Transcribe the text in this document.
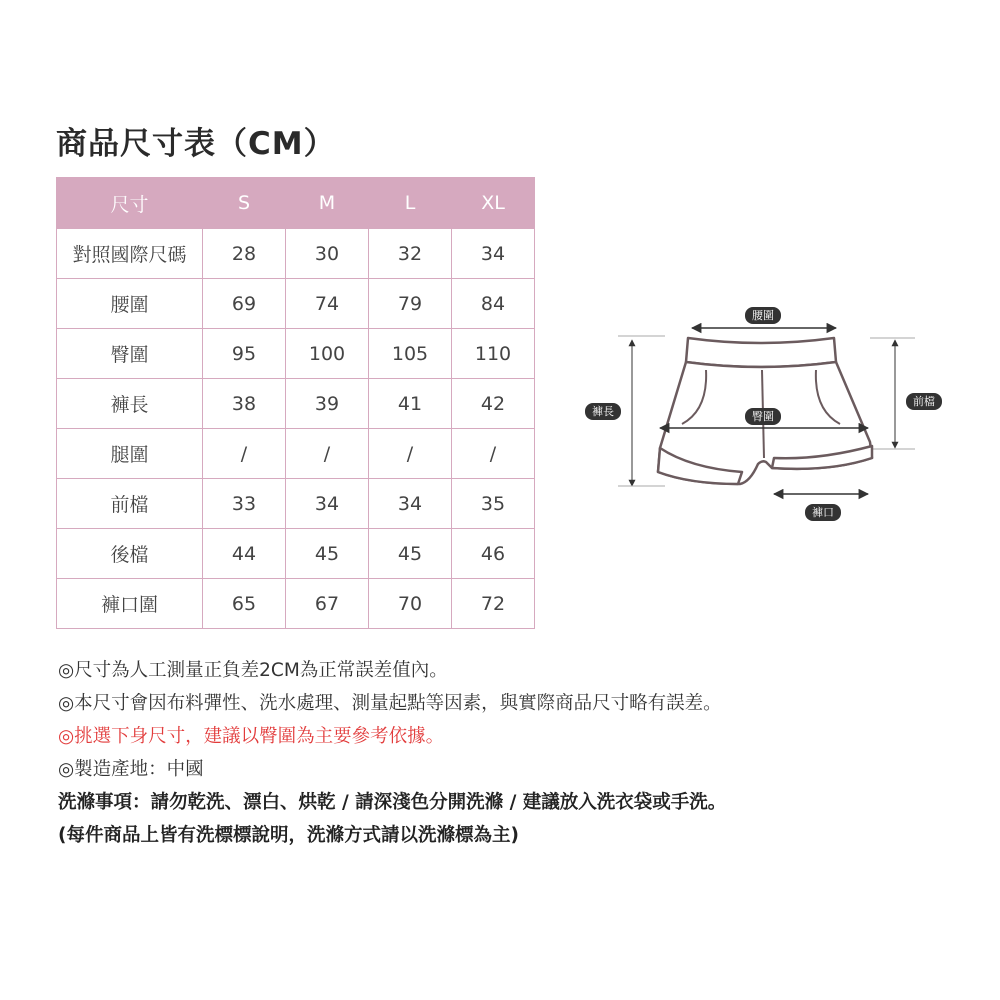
商品尺寸表（CM）
尺寸	S	M	L	XL
對照國際尺碼	28	30	32	34
腰圍	69	74	79	84
臀圍	95	100	105	110
褲長	38	39	41	42
腿圍	/	/	/	/
前檔	33	34	34	35
後檔	44	45	45	46
褲口圍	65	67	70	72
腰圍
褲長	臀圍
前檔
褲口
◎尺寸為人工測量正負差2CM為正常誤差值內。
◎本尺寸會因布料彈性、洗水處理、測量起點等因素，與實際商品尺寸略有誤差。
◎挑選下身尺寸，建議以臀圍為主要參考依據。
◎製造產地：中國
洗滌事項：請勿乾洗、漂白、烘乾 / 請深淺色分開洗滌 / 建議放入洗衣袋或手洗。
(每件商品上皆有洗標標說明，洗滌方式請以洗滌標為主)
